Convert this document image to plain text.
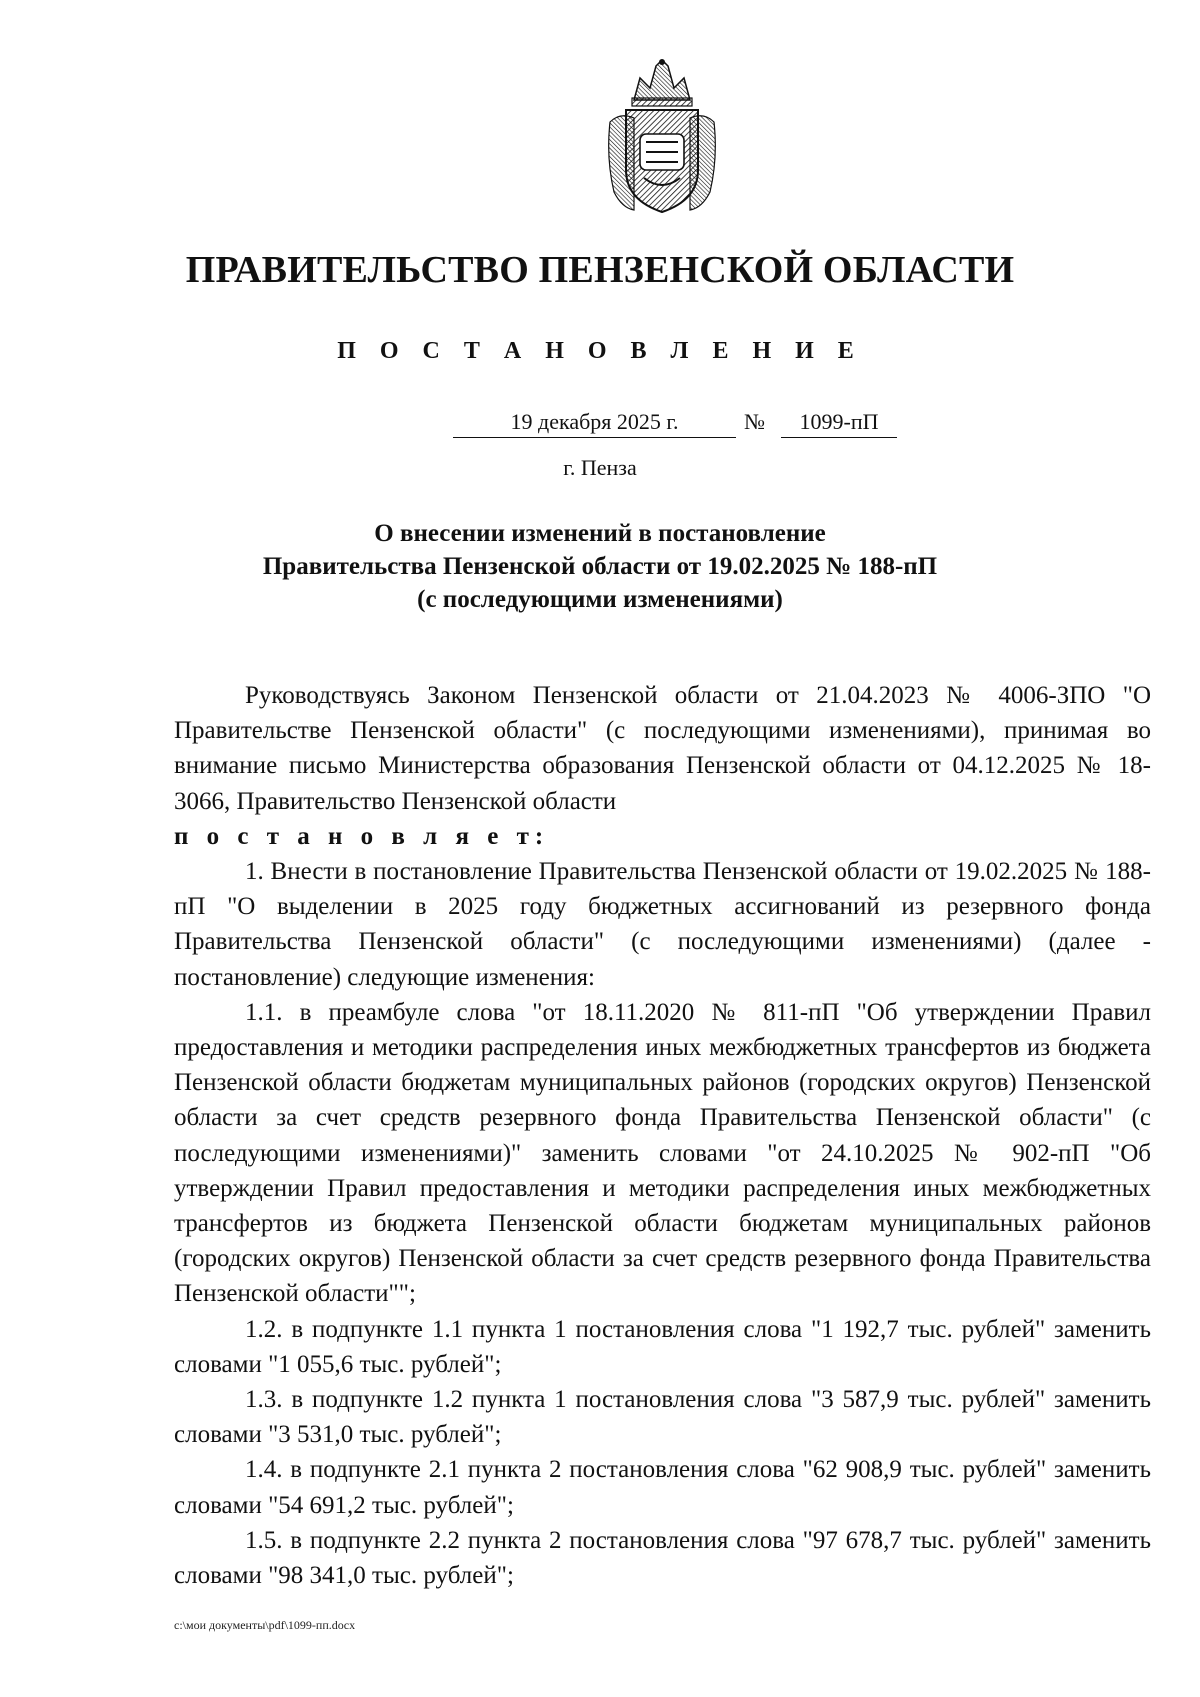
ПРАВИТЕЛЬСТВО ПЕНЗЕНСКОЙ ОБЛАСТИ
П О С Т А Н О В Л Е Н И Е
19 декабря 2025 г.	№	1099-пП
г. Пенза
О внесении изменений в постановление
Правительства Пензенской области от 19.02.2025 № 188-пП
(с последующими изменениями)

Руководствуясь Законом Пензенской области от 21.04.2023 № 4006-ЗПО "О Правительстве Пензенской области" (с последующими изменениями), принимая во внимание письмо Министерства образования Пензенской области от 04.12.2025 № 18-3066, Правительство Пензенской области
п о с т а н о в л я е т:

1. Внести в постановление Правительства Пензенской области от 19.02.2025 № 188-пП "О выделении в 2025 году бюджетных ассигнований из резервного фонда Правительства Пензенской области" (с последующими изменениями) (далее - постановление) следующие изменения:

1.1. в преамбуле слова "от 18.11.2020 № 811-пП "Об утверждении Правил предоставления и методики распределения иных межбюджетных трансфертов из бюджета Пензенской области бюджетам муниципальных районов (городских округов) Пензенской области за счет средств резервного фонда Правительства Пензенской области" (с последующими изменениями)" заменить словами "от 24.10.2025 № 902-пП "Об утверждении Правил предоставления и методики распределения иных межбюджетных трансфертов из бюджета Пензенской области бюджетам муниципальных районов (городских округов) Пензенской области за счет средств резервного фонда Правительства Пензенской области"";

1.2. в подпункте 1.1 пункта 1 постановления слова "1 192,7 тыс. рублей" заменить словами "1 055,6 тыс. рублей";

1.3. в подпункте 1.2 пункта 1 постановления слова "3 587,9 тыс. рублей" заменить словами "3 531,0 тыс. рублей";

1.4. в подпункте 2.1 пункта 2 постановления слова "62 908,9 тыс. рублей" заменить словами "54 691,2 тыс. рублей";

1.5. в подпункте 2.2 пункта 2 постановления слова "97 678,7 тыс. рублей" заменить словами "98 341,0 тыс. рублей";

c:\мои документы\pdf\1099-пп.docx
